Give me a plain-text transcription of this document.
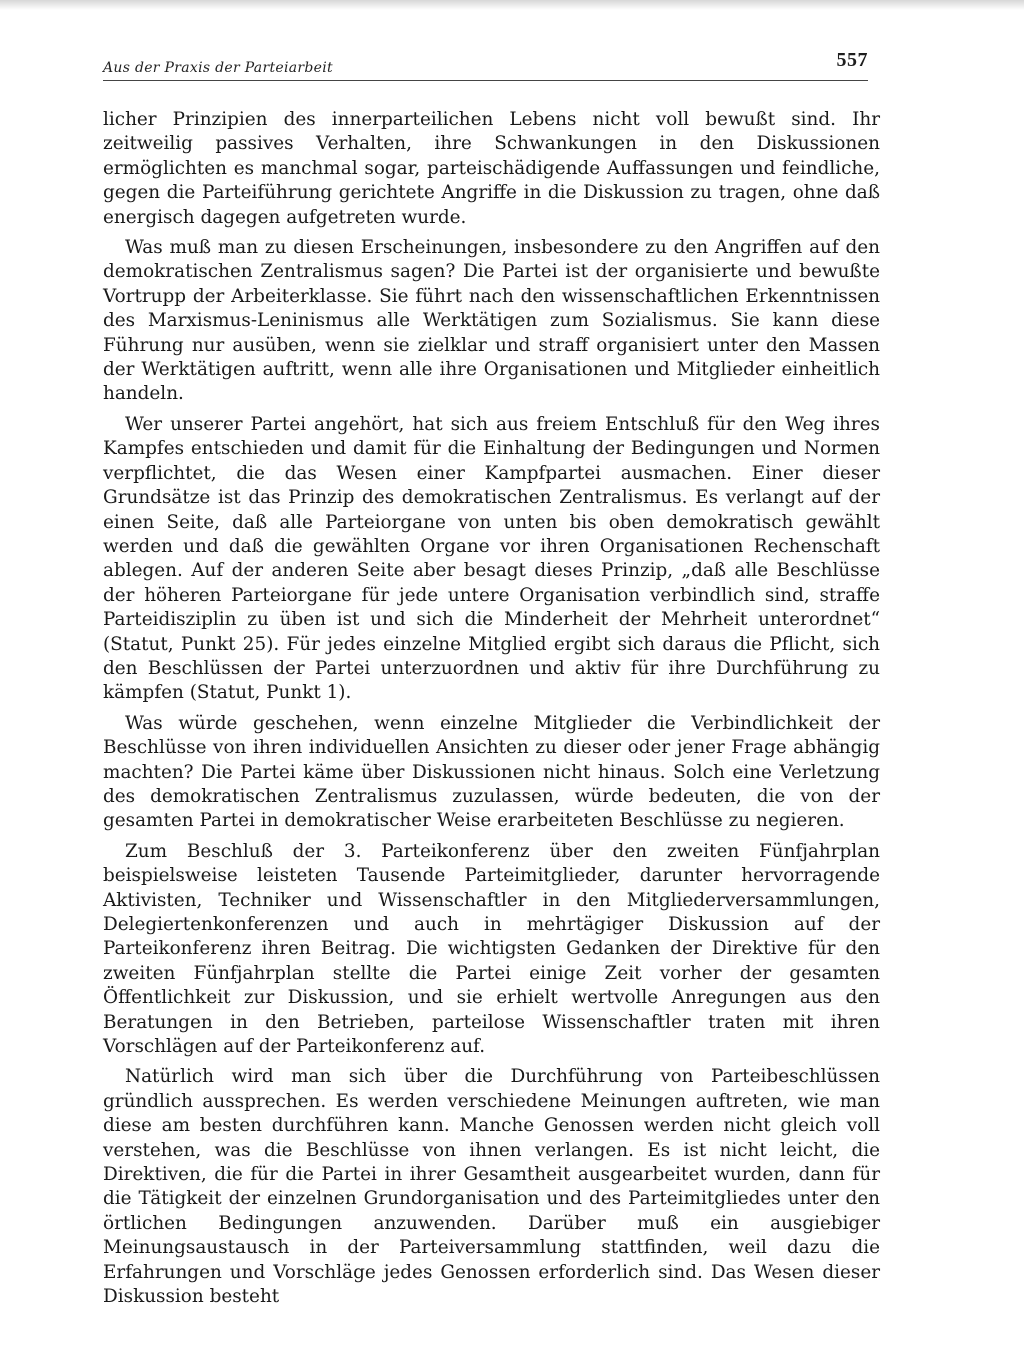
Aus der Praxis der Parteiarbeit	557

licher Prinzipien des innerparteilichen Lebens nicht voll bewußt sind. Ihr zeitweilig passives Verhalten, ihre Schwankungen in den Diskussionen ermöglichten es manchmal sogar, parteischädigende Auffassungen und feindliche, gegen die Parteiführung gerichtete Angriffe in die Diskussion zu tragen, ohne daß energisch dagegen aufgetreten wurde.

Was muß man zu diesen Erscheinungen, insbesondere zu den Angriffen auf den demokratischen Zentralismus sagen? Die Partei ist der organisierte und bewußte Vortrupp der Arbeiterklasse. Sie führt nach den wissenschaftlichen Erkenntnissen des Marxismus-Leninismus alle Werktätigen zum Sozialismus. Sie kann diese Führung nur ausüben, wenn sie zielklar und straff organisiert unter den Massen der Werktätigen auftritt, wenn alle ihre Organisationen und Mitglieder einheitlich handeln.

Wer unserer Partei angehört, hat sich aus freiem Entschluß für den Weg ihres Kampfes entschieden und damit für die Einhaltung der Bedingungen und Normen verpflichtet, die das Wesen einer Kampfpartei ausmachen. Einer dieser Grundsätze ist das Prinzip des demokratischen Zentralismus. Es verlangt auf der einen Seite, daß alle Parteiorgane von unten bis oben demokratisch gewählt werden und daß die gewählten Organe vor ihren Organisationen Rechenschaft ablegen. Auf der anderen Seite aber besagt dieses Prinzip, „daß alle Beschlüsse der höheren Parteiorgane für jede untere Organisation verbindlich sind, straffe Parteidisziplin zu üben ist und sich die Minderheit der Mehrheit unterordnet“ (Statut, Punkt 25). Für jedes einzelne Mitglied ergibt sich daraus die Pflicht, sich den Beschlüssen der Partei unterzuordnen und aktiv für ihre Durchführung zu kämpfen (Statut, Punkt 1).

Was würde geschehen, wenn einzelne Mitglieder die Verbindlichkeit der Beschlüsse von ihren individuellen Ansichten zu dieser oder jener Frage abhängig machten? Die Partei käme über Diskussionen nicht hinaus. Solch eine Verletzung des demokratischen Zentralismus zuzulassen, würde bedeuten, die von der gesamten Partei in demokratischer Weise erarbeiteten Beschlüsse zu negieren.

Zum Beschluß der 3. Parteikonferenz über den zweiten Fünfjahrplan beispielsweise leisteten Tausende Parteimitglieder, darunter hervorragende Aktivisten, Techniker und Wissenschaftler in den Mitgliederversammlungen, Delegiertenkonferenzen und auch in mehrtägiger Diskussion auf der Parteikonferenz ihren Beitrag. Die wichtigsten Gedanken der Direktive für den zweiten Fünfjahrplan stellte die Partei einige Zeit vorher der gesamten Öffentlichkeit zur Diskussion, und sie erhielt wertvolle Anregungen aus den Beratungen in den Betrieben, parteilose Wissenschaftler traten mit ihren Vorschlägen auf der Parteikonferenz auf.

Natürlich wird man sich über die Durchführung von Parteibeschlüssen gründlich aussprechen. Es werden verschiedene Meinungen auftreten, wie man diese am besten durchführen kann. Manche Genossen werden nicht gleich voll verstehen, was die Beschlüsse von ihnen verlangen. Es ist nicht leicht, die Direktiven, die für die Partei in ihrer Gesamtheit ausgearbeitet wurden, dann für die Tätigkeit der einzelnen Grundorganisation und des Parteimitgliedes unter den örtlichen Bedingungen anzuwenden. Darüber muß ein ausgiebiger Meinungsaustausch in der Parteiversammlung stattfinden, weil dazu die Erfahrungen und Vorschläge jedes Genossen erforderlich sind. Das Wesen dieser Diskussion besteht
